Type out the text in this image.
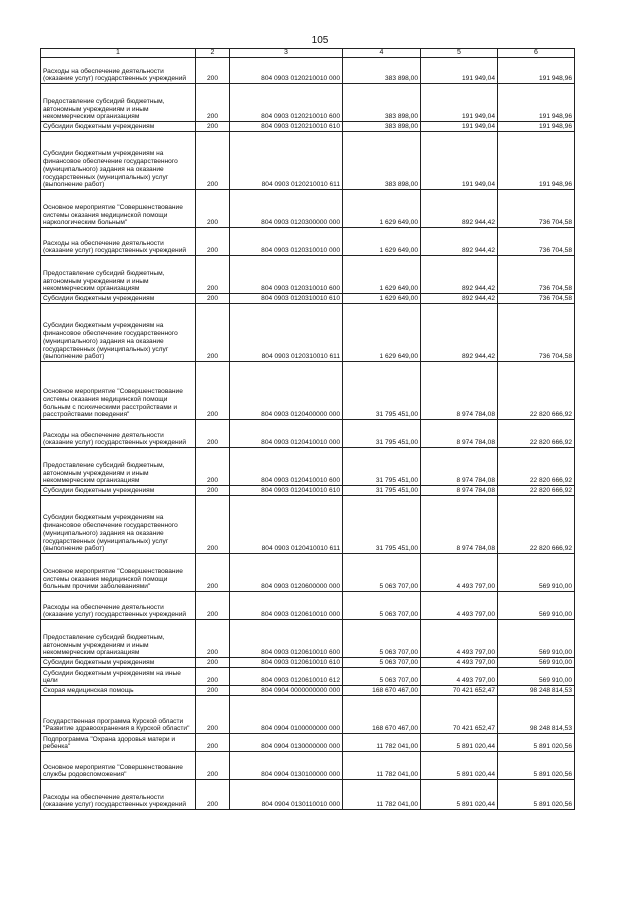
105
1	2	3	4	5	6
Расходы на обеспечение деятельности (оказание услуг) государственных учреждений	200	804 0903 0120210010 000	383 898,00	191 949,04	191 948,96
Предоставление субсидий бюджетным, автономным учреждениям и иным некоммерческим организациям	200	804 0903 0120210010 600	383 898,00	191 949,04	191 948,96
Субсидии бюджетным учреждениям	200	804 0903 0120210010 610	383 898,00	191 949,04	191 948,96
Субсидии бюджетным учреждениям на финансовое обеспечение государственного (муниципального) задания на оказание государственных (муниципальных) услуг (выполнение работ)	200	804 0903 0120210010 611	383 898,00	191 949,04	191 948,96
Основное мероприятие "Совершенствование системы оказания медицинской помощи наркологическим больным"	200	804 0903 0120300000 000	1 629 649,00	892 944,42	736 704,58
Расходы на обеспечение деятельности (оказание услуг) государственных учреждений	200	804 0903 0120310010 000	1 629 649,00	892 944,42	736 704,58
Предоставление субсидий бюджетным, автономным учреждениям и иным некоммерческим организациям	200	804 0903 0120310010 600	1 629 649,00	892 944,42	736 704,58
Субсидии бюджетным учреждениям	200	804 0903 0120310010 610	1 629 649,00	892 944,42	736 704,58
Субсидии бюджетным учреждениям на финансовое обеспечение государственного (муниципального) задания на оказание государственных (муниципальных) услуг (выполнение работ)	200	804 0903 0120310010 611	1 629 649,00	892 944,42	736 704,58
Основное мероприятие "Совершенствование системы оказания медицинской помощи больным с психическими расстройствами и расстройствами поведения"	200	804 0903 0120400000 000	31 795 451,00	8 974 784,08	22 820 666,92
Расходы на обеспечение деятельности (оказание услуг) государственных учреждений	200	804 0903 0120410010 000	31 795 451,00	8 974 784,08	22 820 666,92
Предоставление субсидий бюджетным, автономным учреждениям и иным некоммерческим организациям	200	804 0903 0120410010 600	31 795 451,00	8 974 784,08	22 820 666,92
Субсидии бюджетным учреждениям	200	804 0903 0120410010 610	31 795 451,00	8 974 784,08	22 820 666,92
Субсидии бюджетным учреждениям на финансовое обеспечение государственного (муниципального) задания на оказание государственных (муниципальных) услуг (выполнение работ)	200	804 0903 0120410010 611	31 795 451,00	8 974 784,08	22 820 666,92
Основное мероприятие "Совершенствование системы оказания медицинской помощи больным прочими заболеваниями"	200	804 0903 0120600000 000	5 063 707,00	4 493 797,00	569 910,00
Расходы на обеспечение деятельности (оказание услуг) государственных учреждений	200	804 0903 0120610010 000	5 063 707,00	4 493 797,00	569 910,00
Предоставление субсидий бюджетным, автономным учреждениям и иным некоммерческим организациям	200	804 0903 0120610010 600	5 063 707,00	4 493 797,00	569 910,00
Субсидии бюджетным учреждениям	200	804 0903 0120610010 610	5 063 707,00	4 493 797,00	569 910,00
Субсидии бюджетным учреждениям на иные цели	200	804 0903 0120610010 612	5 063 707,00	4 493 797,00	569 910,00
Скорая медицинская помощь	200	804 0904 0000000000 000	168 670 467,00	70 421 652,47	98 248 814,53
Государственная программа Курской области "Развитие здравоохранения в Курской области"	200	804 0904 0100000000 000	168 670 467,00	70 421 652,47	98 248 814,53
Подпрограмма "Охрана здоровья матери и ребенка"	200	804 0904 0130000000 000	11 782 041,00	5 891 020,44	5 891 020,56
Основное мероприятие "Совершенствование службы родовспоможения"	200	804 0904 0130100000 000	11 782 041,00	5 891 020,44	5 891 020,56
Расходы на обеспечение деятельности (оказание услуг) государственных учреждений	200	804 0904 0130110010 000	11 782 041,00	5 891 020,44	5 891 020,56
